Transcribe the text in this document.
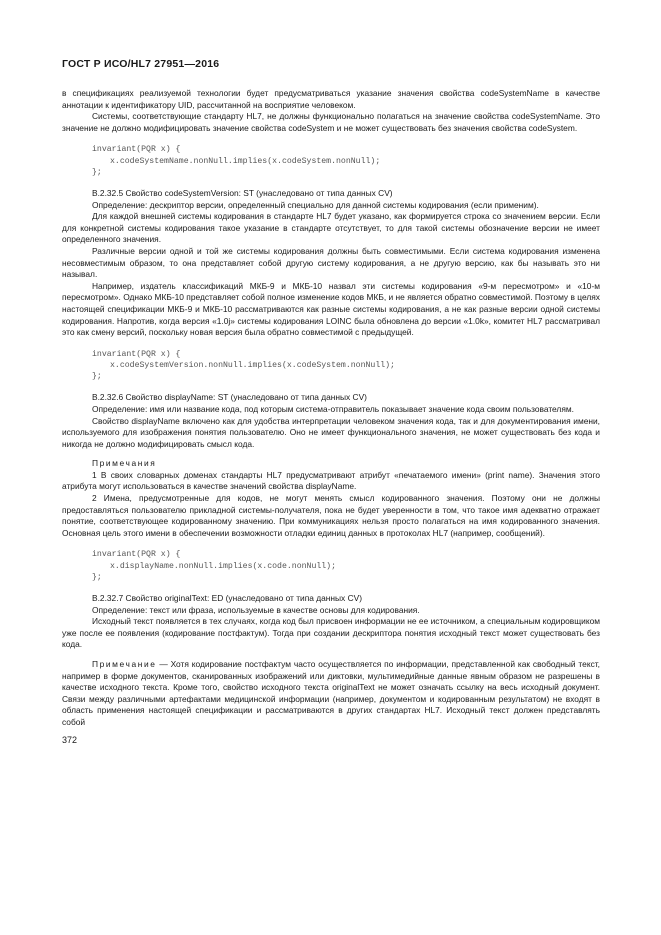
ГОСТ Р ИСО/HL7 27951—2016

в спецификациях реализуемой технологии будет предусматриваться указание значения свойства codeSystemName в качестве аннотации к идентификатору UID, рассчитанной на восприятие человеком.

Системы, соответствующие стандарту HL7, не должны функционально полагаться на значение свойства codeSystemName. Это значение не должно модифицировать значение свойства codeSystem и не может существовать без значения свойства codeSystem.

invariant(PQR x) {
x.codeSystemName.nonNull.implies(x.codeSystem.nonNull);
};

B.2.32.5 Свойство codeSystemVersion: ST (унаследовано от типа данных CV)

Определение: дескриптор версии, определенный специально для данной системы кодирования (если применим).

Для каждой внешней системы кодирования в стандарте HL7 будет указано, как формируется строка со значением версии. Если для конкретной системы кодирования такое указание в стандарте отсутствует, то для такой системы обозначение версии не имеет определенного значения.

Различные версии одной и той же системы кодирования должны быть совместимыми. Если система кодирования изменена несовместимым образом, то она представляет собой другую систему кодирования, а не другую версию, как бы называть это ни называл.

Например, издатель классификаций МКБ-9 и МКБ-10 назвал эти системы кодирования «9-м пересмотром» и «10-м пересмотром». Однако МКБ-10 представляет собой полное изменение кодов МКБ, и не является обратно совместимой. Поэтому в целях настоящей спецификации МКБ-9 и МКБ-10 рассматриваются как разные системы кодирования, а не как разные версии одной системы кодирования. Напротив, когда версия «1.0j» системы кодирования LOINC была обновлена до версии «1.0k», комитет HL7 рассматривал это как смену версий, поскольку новая версия была обратно совместимой с предыдущей.

invariant(PQR x) {
x.codeSystemVersion.nonNull.implies(x.codeSystem.nonNull);
};

B.2.32.6 Свойство displayName: ST (унаследовано от типа данных CV)

Определение: имя или название кода, под которым система-отправитель показывает значение кода своим пользователям.

Свойство displayName включено как для удобства интерпретации человеком значения кода, так и для документирования имени, используемого для изображения понятия пользователю. Оно не имеет функционального значения, не может существовать без кода и никогда не должно модифицировать смысл кода.

Примечания

1 В своих словарных доменах стандарты HL7 предусматривают атрибут «печатаемого имени» (print name). Значения этого атрибута могут использоваться в качестве значений свойства displayName.

2 Имена, предусмотренные для кодов, не могут менять смысл кодированного значения. Поэтому они не должны предоставляться пользователю прикладной системы-получателя, пока не будет уверенности в том, что такое имя адекватно отражает понятие, соответствующее кодированному значению. При коммуникациях нельзя просто полагаться на имя кодированного значения. Основная цель этого имени в обеспечении возможности отладки единиц данных в протоколах HL7 (например, сообщений).

invariant(PQR x) {
x.displayName.nonNull.implies(x.code.nonNull);
};

B.2.32.7 Свойство originalText: ED (унаследовано от типа данных CV)

Определение: текст или фраза, используемые в качестве основы для кодирования.

Исходный текст появляется в тех случаях, когда код был присвоен информации не ее источником, а специальным кодировщиком уже после ее появления (кодирование постфактум). Тогда при создании дескриптора понятия исходный текст может существовать без кода.

Примечание — Хотя кодирование постфактум часто осуществляется по информации, представленной как свободный текст, например в форме документов, сканированных изображений или диктовки, мультимедийные данные явным образом не разрешены в качестве исходного текста. Кроме того, свойство исходного текста originalText не может означать ссылку на весь исходный документ. Связи между различными артефактами медицинской информации (например, документом и кодированным результатом) не входят в область применения настоящей спецификации и рассматриваются в других стандартах HL7. Исходный текст должен представлять собой

372
